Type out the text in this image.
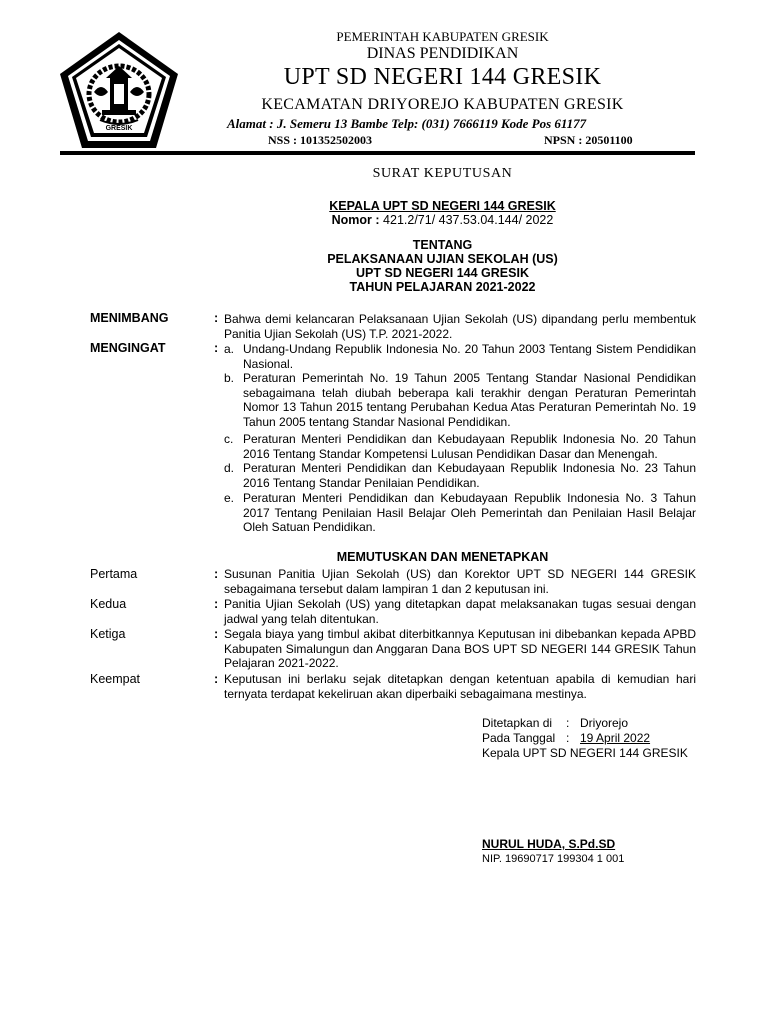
GRESIK
PEMERINTAH KABUPATEN GRESIK
DINAS PENDIDIKAN
UPT SD NEGERI 144 GRESIK
KECAMATAN DRIYOREJO KABUPATEN GRESIK
Alamat : J. Semeru 13 Bambe Telp: (031) 7666119 Kode Pos 61177
NSS : 101352502003	NPSN : 20501100
SURAT KEPUTUSAN
KEPALA UPT SD NEGERI 144 GRESIK
Nomor : 421.2/71/ 437.53.04.144/ 2022
TENTANG
PELAKSANAAN UJIAN SEKOLAH (US)
UPT SD NEGERI 144 GRESIK
TAHUN PELAJARAN 2021-2022
MENIMBANG	: Bahwa demi kelancaran Pelaksanaan Ujian Sekolah (US) dipandang perlu membentuk Panitia Ujian Sekolah (US) T.P. 2021-2022.
MENGINGAT	: a. Undang-Undang Republik Indonesia No. 20 Tahun 2003 Tentang Sistem Pendidikan Nasional.
b. Peraturan Pemerintah No. 19 Tahun 2005 Tentang Standar Nasional Pendidikan sebagaimana telah diubah beberapa kali terakhir dengan Peraturan Pemerintah Nomor 13 Tahun 2015 tentang Perubahan Kedua Atas Peraturan Pemerintah No. 19 Tahun 2005 tentang Standar Nasional Pendidikan.
c. Peraturan Menteri Pendidikan dan Kebudayaan Republik Indonesia No. 20 Tahun 2016 Tentang Standar Kompetensi Lulusan Pendidikan Dasar dan Menengah.
d. Peraturan Menteri Pendidikan dan Kebudayaan Republik Indonesia No. 23 Tahun 2016 Tentang Standar Penilaian Pendidikan.
e. Peraturan Menteri Pendidikan dan Kebudayaan Republik Indonesia No. 3 Tahun 2017 Tentang Penilaian Hasil Belajar Oleh Pemerintah dan Penilaian Hasil Belajar Oleh Satuan Pendidikan.
MEMUTUSKAN DAN MENETAPKAN
Pertama	: Susunan Panitia Ujian Sekolah (US) dan Korektor UPT SD NEGERI 144 GRESIK sebagaimana tersebut dalam lampiran 1 dan 2 keputusan ini.
Kedua	: Panitia Ujian Sekolah (US) yang ditetapkan dapat melaksanakan tugas sesuai dengan jadwal yang telah ditentukan.
Ketiga	: Segala biaya yang timbul akibat diterbitkannya Keputusan ini dibebankan kepada APBD Kabupaten Simalungun dan Anggaran Dana BOS UPT SD NEGERI 144 GRESIK Tahun Pelajaran 2021-2022.
Keempat	: Keputusan ini berlaku sejak ditetapkan dengan ketentuan apabila di kemudian hari ternyata terdapat kekeliruan akan diperbaiki sebagaimana mestinya.
Ditetapkan di : Driyorejo
Pada Tanggal : 19 April 2022
Kepala UPT SD NEGERI 144 GRESIK
NURUL HUDA, S.Pd.SD
NIP. 19690717 199304 1 001
